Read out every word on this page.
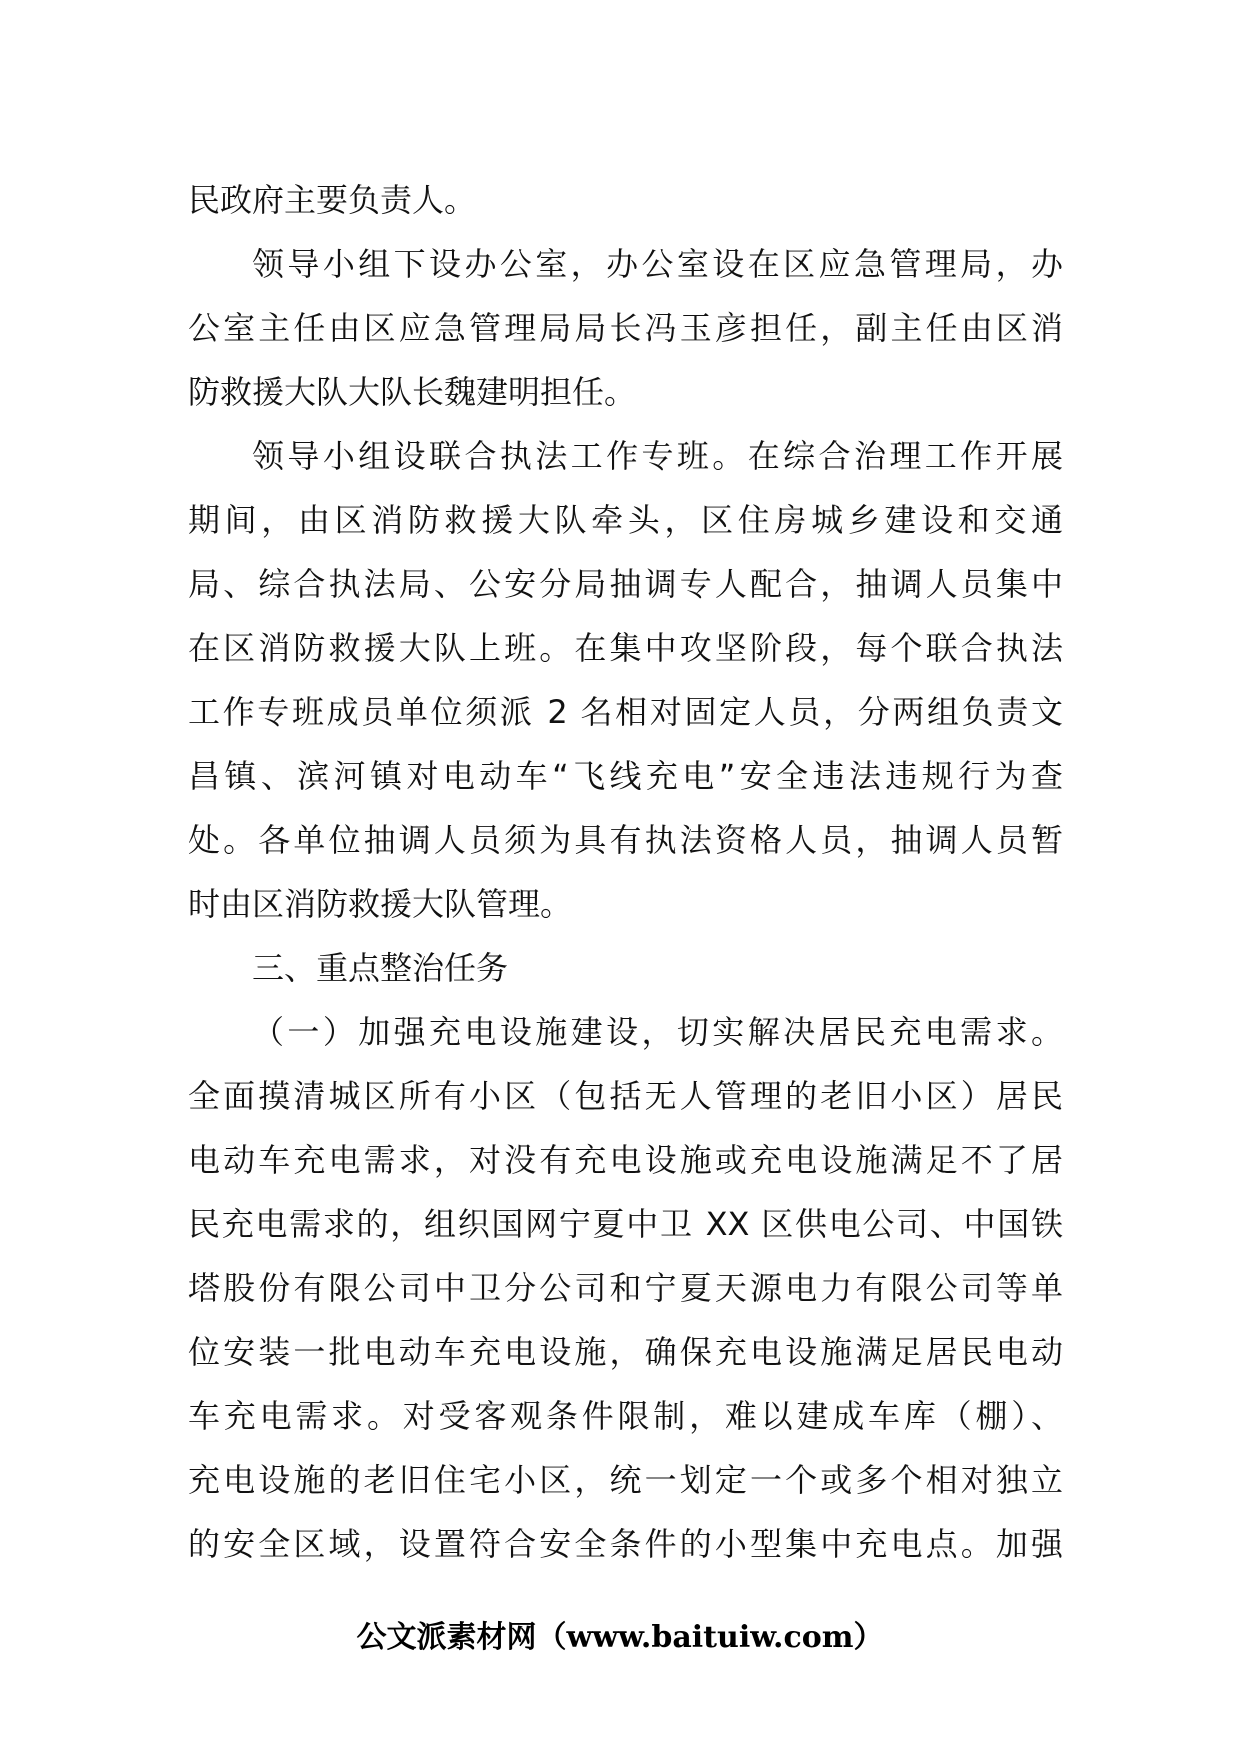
民政府主要负责人。
领导小组下设办公室，办公室设在区应急管理局，办
公室主任由区应急管理局局长冯玉彦担任，副主任由区消
防救援大队大队长魏建明担任。
领导小组设联合执法工作专班。在综合治理工作开展
期间，由区消防救援大队牵头，区住房城乡建设和交通
局、综合执法局、公安分局抽调专人配合，抽调人员集中
在区消防救援大队上班。在集中攻坚阶段，每个联合执法
工作专班成员单位须派 2 名相对固定人员，分两组负责文
昌镇、滨河镇对电动车“飞线充电”安全违法违规行为查
处。各单位抽调人员须为具有执法资格人员，抽调人员暂
时由区消防救援大队管理。
三、重点整治任务
（一）加强充电设施建设，切实解决居民充电需求。
全面摸清城区所有小区（包括无人管理的老旧小区）居民
电动车充电需求，对没有充电设施或充电设施满足不了居
民充电需求的，组织国网宁夏中卫 XX 区供电公司、中国铁
塔股份有限公司中卫分公司和宁夏天源电力有限公司等单
位安装一批电动车充电设施，确保充电设施满足居民电动
车充电需求。对受客观条件限制，难以建成车库（棚）、
充电设施的老旧住宅小区，统一划定一个或多个相对独立
的安全区域，设置符合安全条件的小型集中充电点。加强
公文派素材网（www.baituiw.com）
